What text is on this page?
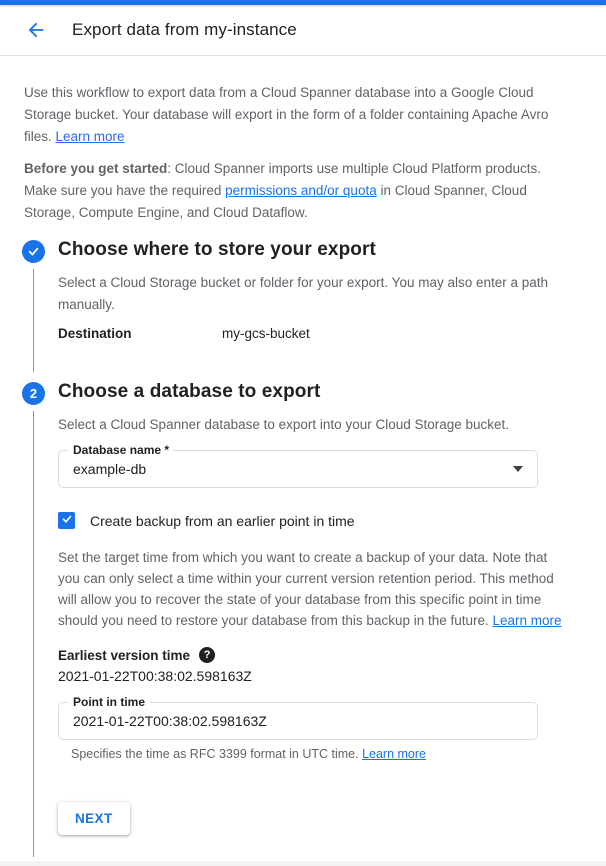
Export data from my-instance

Use this workflow to export data from a Cloud Spanner database into a Google Cloud Storage bucket. Your database will export in the form of a folder containing Apache Avro files. Learn more

Before you get started: Cloud Spanner imports use multiple Cloud Platform products. Make sure you have the required permissions and/or quota in Cloud Spanner, Cloud Storage, Compute Engine, and Cloud Dataflow.

Choose where to store your export

Select a Cloud Storage bucket or folder for your export. You may also enter a path manually.

Destination	my-gcs-bucket
2	Choose a database to export

Select a Cloud Spanner database to export into your Cloud Storage bucket.

Database name *
example-db
Create backup from an earlier point in time

Set the target time from which you want to create a backup of your data. Note that you can only select a time within your current version retention period. This method will allow you to recover the state of your database from this specific point in time should you need to restore your database from this backup in the future. Learn more

Earliest version time	?
2021-01-22T00:38:02.598163Z
Point in time
2021-01-22T00:38:02.598163Z

Specifies the time as RFC 3399 format in UTC time. Learn more

NEXT
